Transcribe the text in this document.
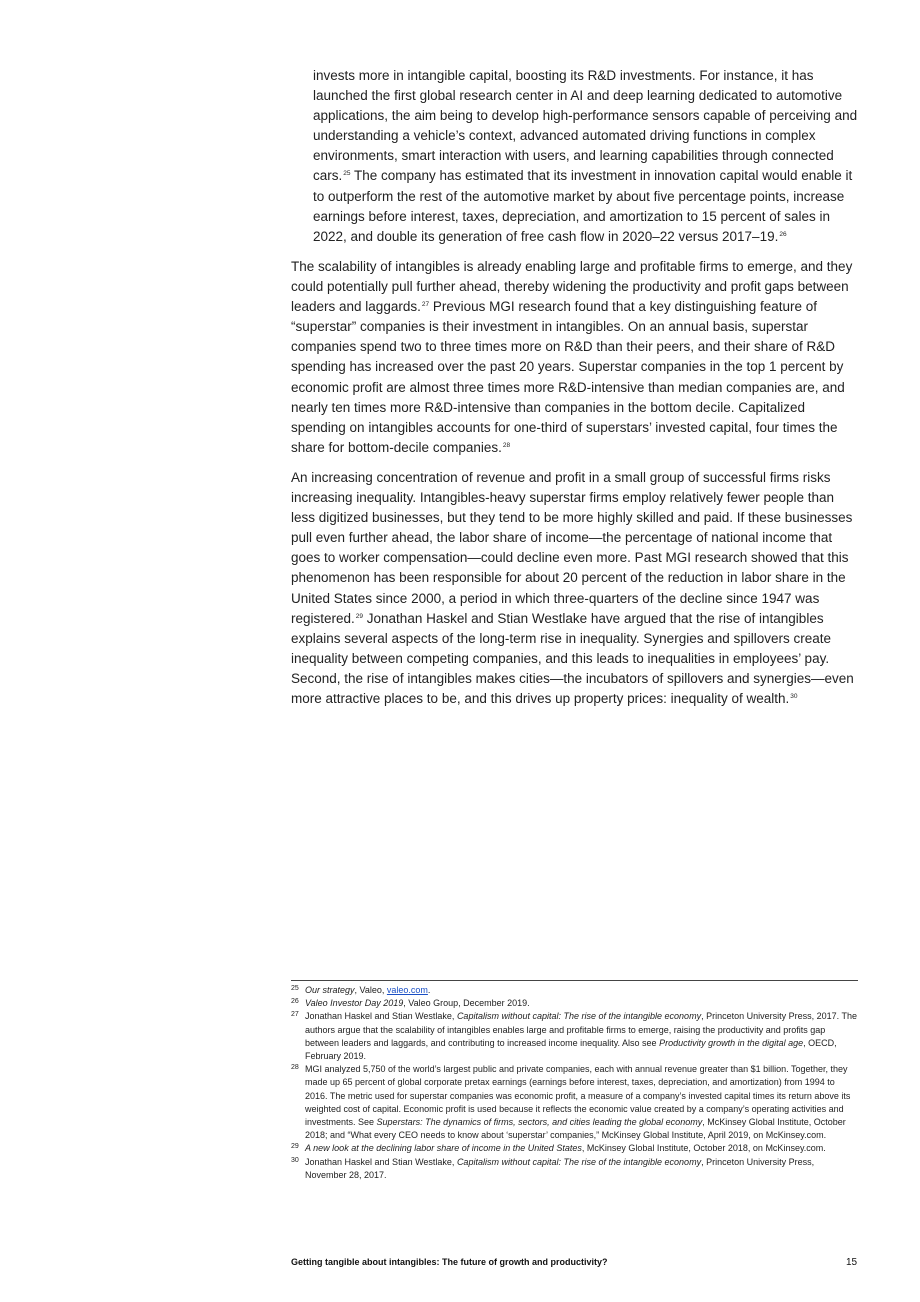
invests more in intangible capital, boosting its R&D investments. For instance, it has launched the first global research center in AI and deep learning dedicated to automotive applications, the aim being to develop high-performance sensors capable of perceiving and understanding a vehicle’s context, advanced automated driving functions in complex environments, smart interaction with users, and learning capabilities through connected cars.$^{25}$ The company has estimated that its investment in innovation capital would enable it to outperform the rest of the automotive market by about five percentage points, increase earnings before interest, taxes, depreciation, and amortization to 15 percent of sales in 2022, and double its generation of free cash flow in 2020–22 versus 2017–19.26

The scalability of intangibles is already enabling large and profitable firms to emerge, and they could potentially pull further ahead, thereby widening the productivity and profit gaps between leaders and laggards.$^{27}$ Previous MGI research found that a key distinguishing feature of “superstar” companies is their investment in intangibles. On an annual basis, superstar companies spend two to three times more on R&D than their peers, and their share of R&D spending has increased over the past 20 years. Superstar companies in the top 1 percent by economic profit are almost three times more R&D-intensive than median companies are, and nearly ten times more R&D-intensive than companies in the bottom decile. Capitalized spending on intangibles accounts for one-third of superstars’ invested capital, four times the share for bottom-decile companies.$^{28}$

An increasing concentration of revenue and profit in a small group of successful firms risks increasing inequality. Intangibles-heavy superstar firms employ relatively fewer people than less digitized businesses, but they tend to be more highly skilled and paid. If these businesses pull even further ahead, the labor share of income—the percentage of national income that goes to worker compensation—could decline even more. Past MGI research showed that this phenomenon has been responsible for about 20 percent of the reduction in labor share in the United States since 2000, a period in which three-quarters of the decline since 1947 was registered.$^{29}$ Jonathan Haskel and Stian Westlake have argued that the rise of intangibles explains several aspects of the long-term rise in inequality. Synergies and spillovers create inequality between competing companies, and this leads to inequalities in employees’ pay. Second, the rise of intangibles makes cities—the incubators of spillovers and synergies—even more attractive places to be, and this drives up property prices: inequality of wealth.$^{30}$

25 Our strategy, Valeo, valeo.com.
26 Valeo Investor Day 2019, Valeo Group, December 2019.
27 Jonathan Haskel and Stian Westlake, Capitalism without capital: The rise of the intangible economy, Princeton University Press, 2017. The authors argue that the scalability of intangibles enables large and profitable firms to emerge, raising the productivity and profits gap between leaders and laggards, and contributing to increased income inequality. Also see Productivity growth in the digital age, OECD, February 2019.
28 MGI analyzed 5,750 of the world’s largest public and private companies, each with annual revenue greater than $1 billion. Together, they made up 65 percent of global corporate pretax earnings (earnings before interest, taxes, depreciation, and amortization) from 1994 to 2016. The metric used for superstar companies was economic profit, a measure of a company’s invested capital times its return above its weighted cost of capital. Economic profit is used because it reflects the economic value created by a company’s operating activities and investments. See Superstars: The dynamics of firms, sectors, and cities leading the global economy, McKinsey Global Institute, October 2018; and “What every CEO needs to know about ‘superstar’ companies,” McKinsey Global Institute, April 2019, on McKinsey.com.
29 A new look at the declining labor share of income in the United States, McKinsey Global Institute, October 2018, on McKinsey.com.
30 Jonathan Haskel and Stian Westlake, Capitalism without capital: The rise of the intangible economy, Princeton University Press, November 28, 2017.
Getting tangible about intangibles: The future of growth and productivity?	15
